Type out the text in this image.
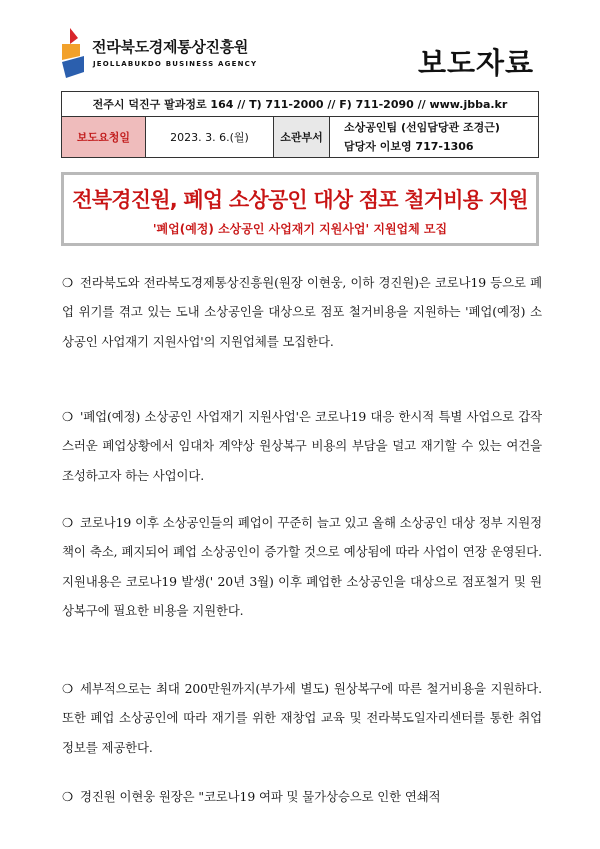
전라북도경제통상진흥원
JEOLLABUKDO BUSINESS AGENCY	보도자료
전주시 덕진구 팔과정로 164 // T) 711-2000 // F) 711-2090 // www.jbba.kr
보도요청일	2023. 3. 6.(월)	소관부서
소상공인팀 (선임담당관 조경근)
담당자 이보영 717-1306
전북경진원, 폐업 소상공인 대상 점포 철거비용 지원
'폐업(예정) 소상공인 사업재기 지원사업' 지원업체 모집
❍ 전라북도와 전라북도경제통상진흥원(원장 이현웅, 이하 경진원)은 코로나19 등으로 폐업 위기를 겪고 있는 도내 소상공인을 대상으로 점포 철거비용을 지원하는 '폐업(예정) 소상공인 사업재기 지원사업'의 지원업체를 모집한다.
❍ '폐업(예정) 소상공인 사업재기 지원사업'은 코로나19 대응 한시적 특별 사업으로 갑작스러운 폐업상황에서 임대차 계약상 원상복구 비용의 부담을 덜고 재기할 수 있는 여건을 조성하고자 하는 사업이다.
❍ 코로나19 이후 소상공인들의 폐업이 꾸준히 늘고 있고 올해 소상공인 대상 정부 지원정책이 축소, 폐지되어 폐업 소상공인이 증가할 것으로 예상됨에 따라 사업이 연장 운영된다. 지원내용은 코로나19 발생(' 20년 3월) 이후 폐업한 소상공인을 대상으로 점포철거 및 원상복구에 필요한 비용을 지원한다.
❍ 세부적으로는 최대 200만원까지(부가세 별도) 원상복구에 따른 철거비용을 지원하다. 또한 폐업 소상공인에 따라 재기를 위한 재창업 교육 및 전라북도일자리센터를 통한 취업정보를 제공한다.
❍ 경진원 이현웅 원장은 "코로나19 여파 및 물가상승으로 인한 연쇄적
